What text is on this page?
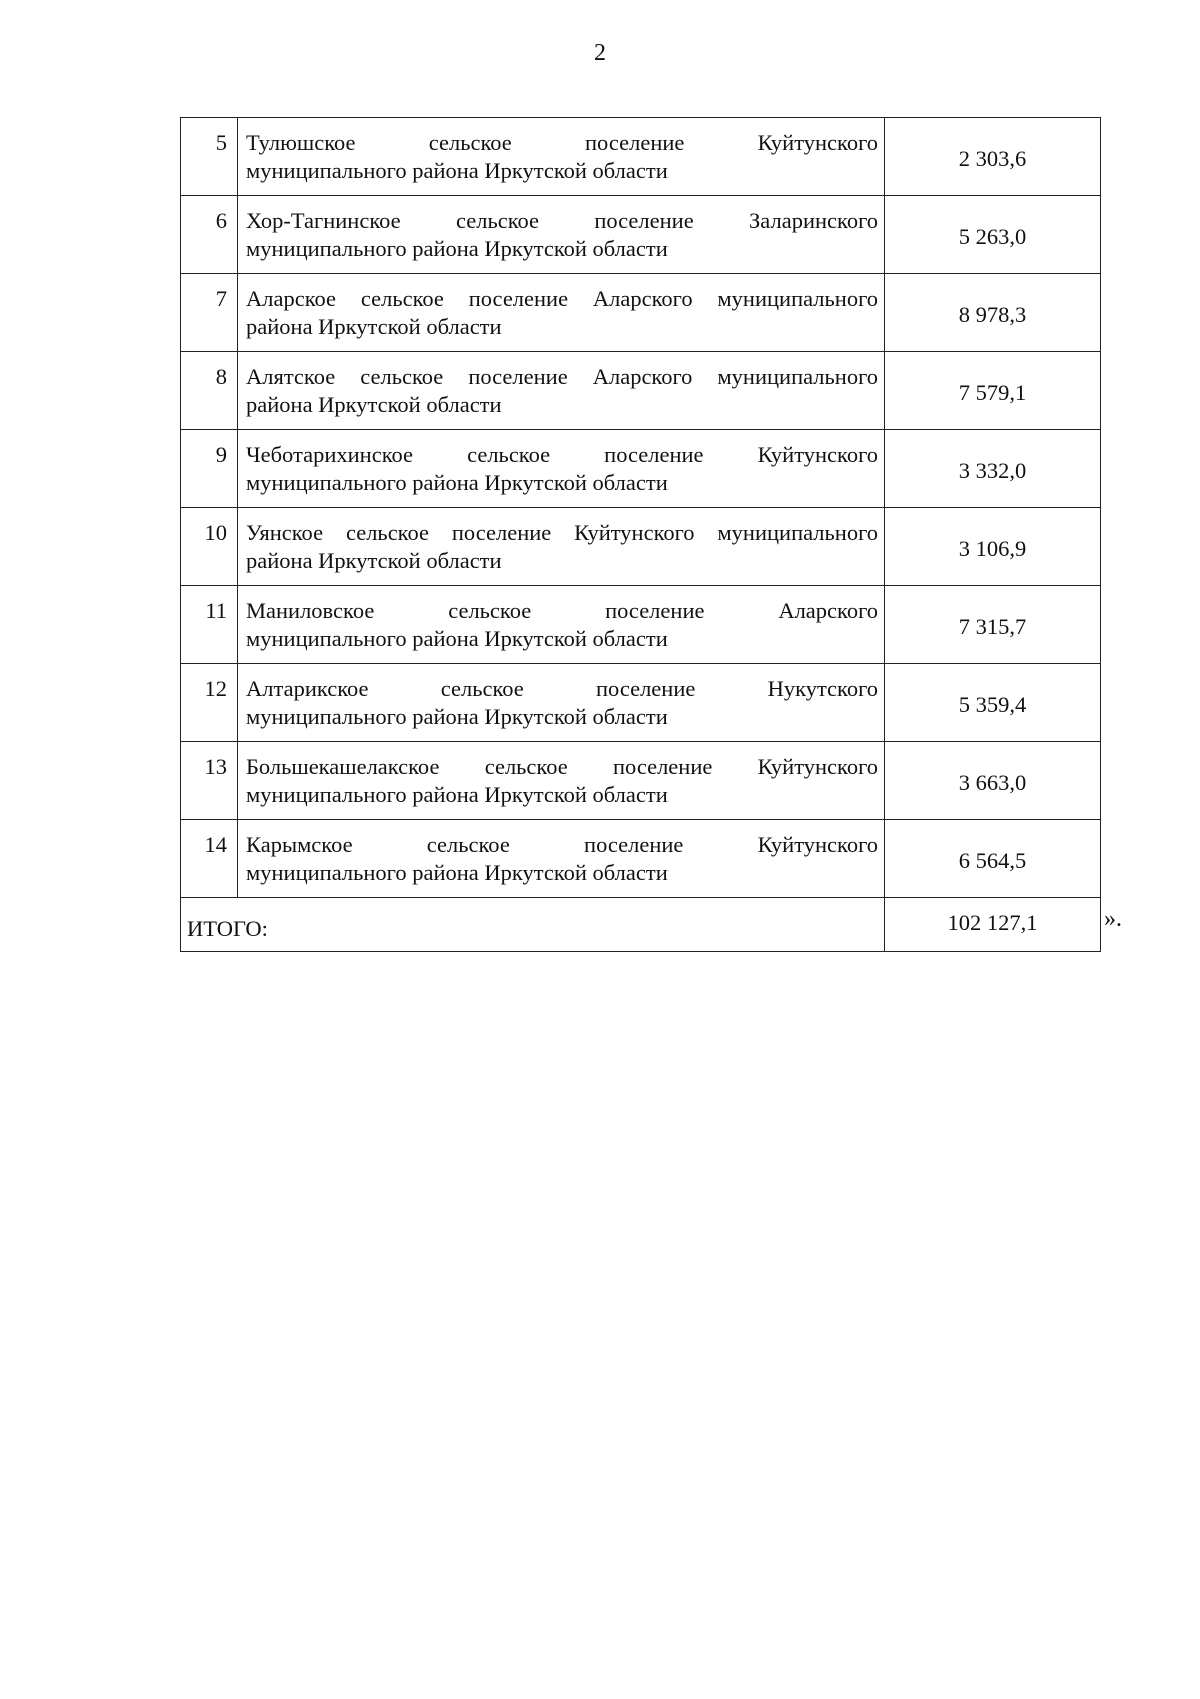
2
5	Тулюшское сельское поселение Куйтунского
муниципального района Иркутской области	2 303,6
6	Хор-Тагнинское сельское поселение Заларинского
муниципального района Иркутской области	5 263,0
7	Аларское сельское поселение Аларского муниципального
района Иркутской области	8 978,3
8	Алятское сельское поселение Аларского муниципального
района Иркутской области	7 579,1
9	Чеботарихинское сельское поселение Куйтунского
муниципального района Иркутской области	3 332,0
10	Уянское сельское поселение Куйтунского муниципального
района Иркутской области	3 106,9
11	Маниловское сельское поселение Аларского
муниципального района Иркутской области	7 315,7
12	Алтарикское сельское поселение Нукутского
муниципального района Иркутской области	5 359,4
13	Большекашелакское сельское поселение Куйтунского
муниципального района Иркутской области	3 663,0
14	Карымское сельское поселение Куйтунского
муниципального района Иркутской области	6 564,5
ИТОГО:		102 127,1	».
